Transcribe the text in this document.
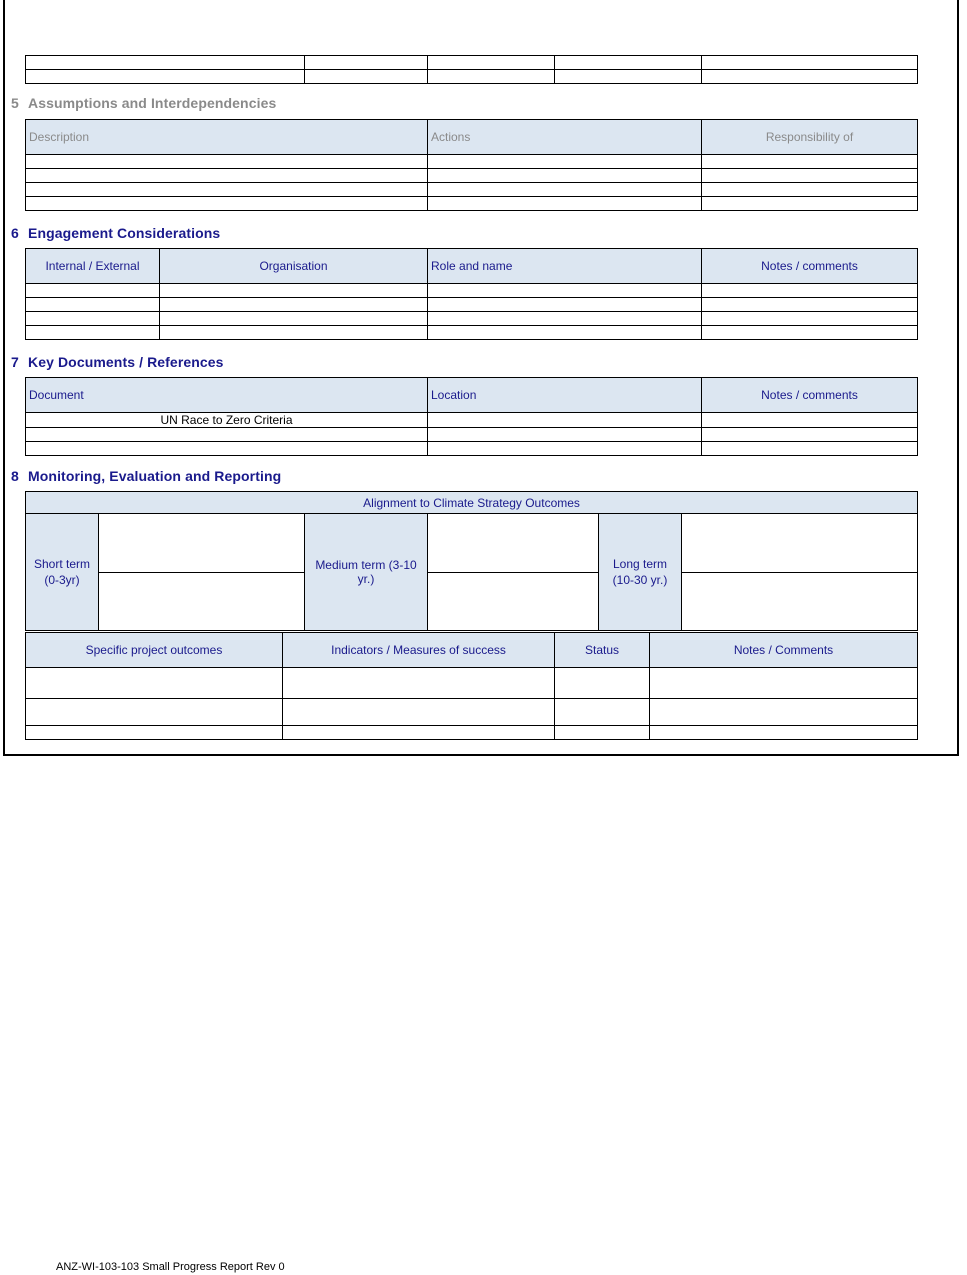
5 Assumptions and Interdependencies
Description	Actions	Responsibility of

6 Engagement Considerations
Internal / External	Organisation	Role and name	Notes / comments

7 Key Documents / References
Document	Location	Notes / comments
UN Race to Zero Criteria		

8 Monitoring, Evaluation and Reporting
Alignment to Climate Strategy Outcomes					
Short term (0-3yr)		Medium term (3-10 yr.)		Long term (10-30 yr.)	

Specific project outcomes	Indicators / Measures of success	Status	Notes / Comments

ANZ-WI-103-103 Small Progress Report Rev 0
